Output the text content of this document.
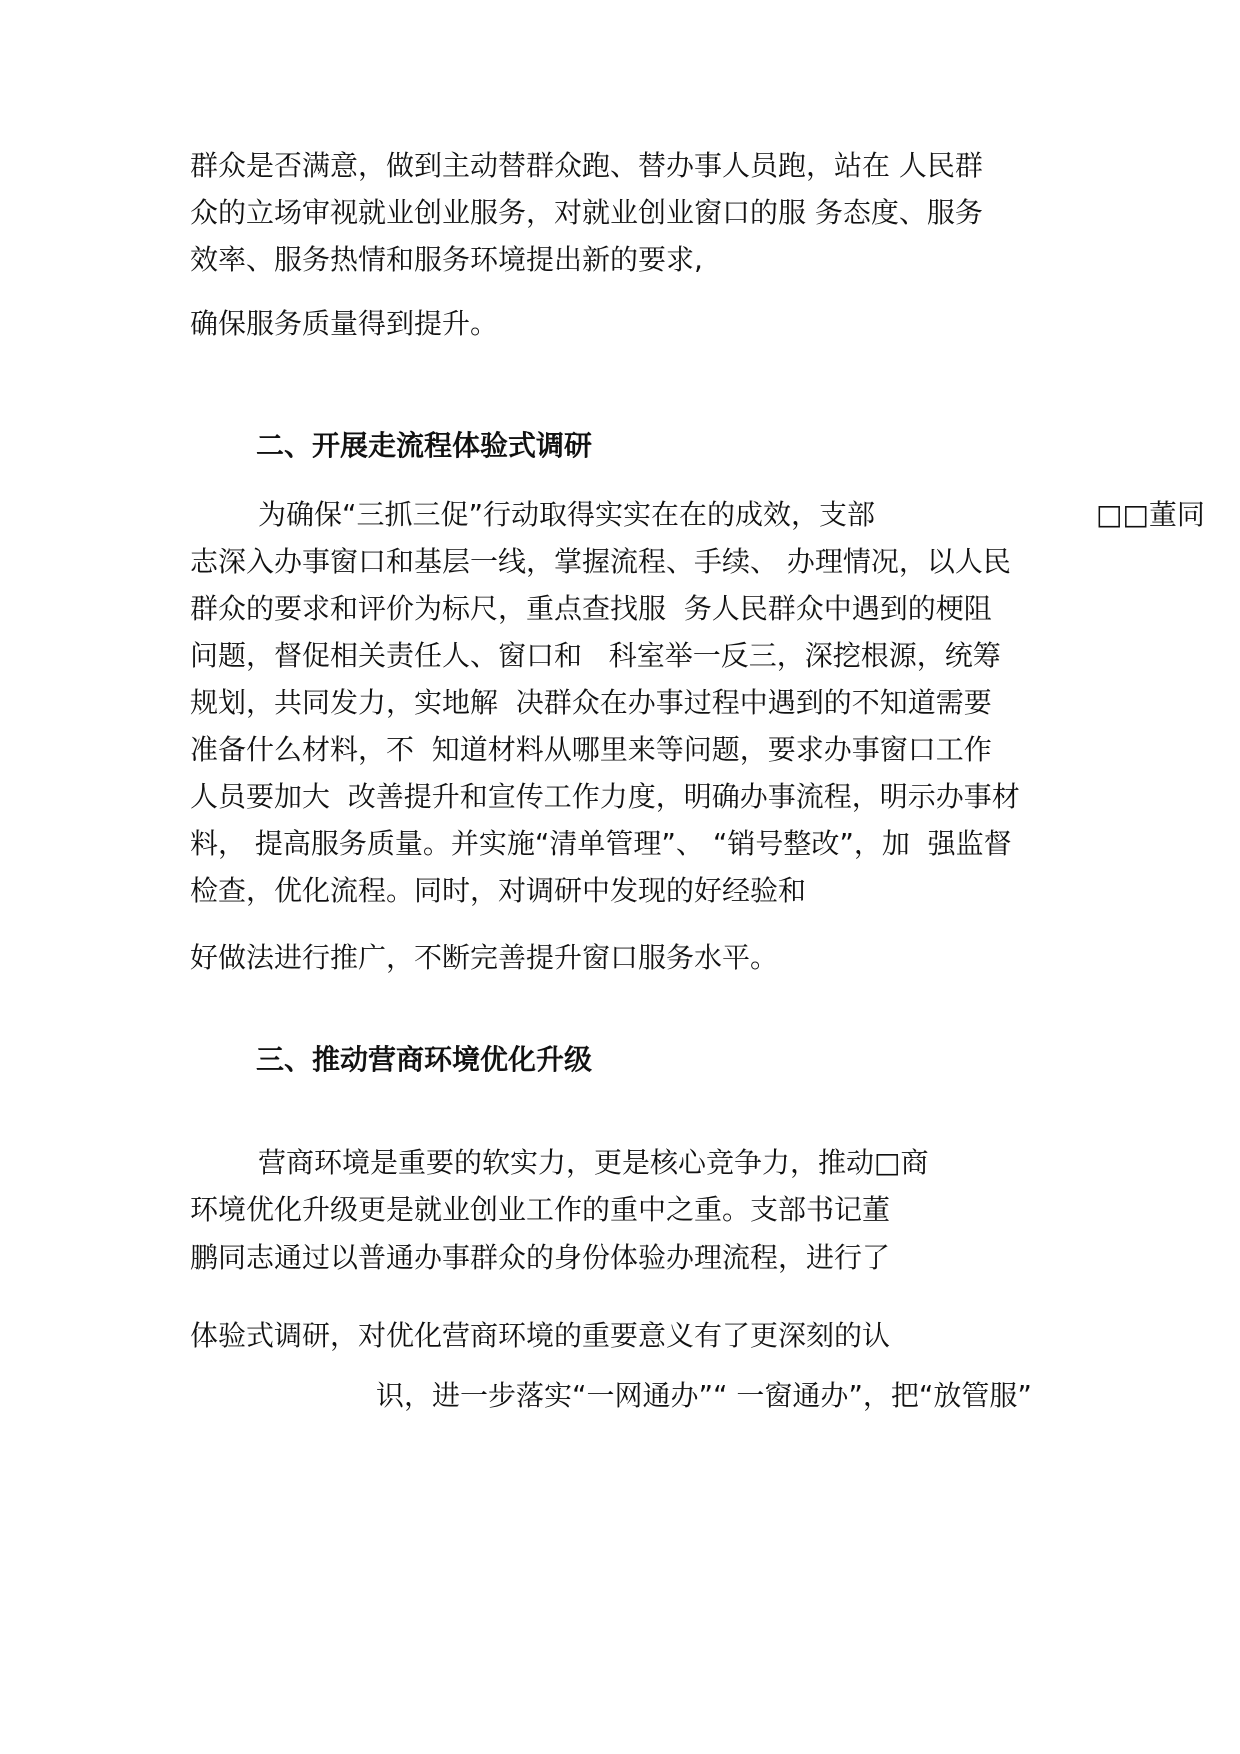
群众是否满意，做到主动替群众跑、替办事人员跑，站在 人民群
众的立场审视就业创业服务，对就业创业窗口的服 务态度、服务
效率、服务热情和服务环境提出新的要求,
确保服务质量得到提升。
二、开展走流程体验式调研
□□董同
为确保“三抓三促”行动取得实实在在的成效，支部
志深入办事窗口和基层一线，掌握流程、手续、 办理情况，以人民
群众的要求和评价为标尺，重点查找服  务人民群众中遇到的梗阻
问题，督促相关责任人、窗口和   科室举一反三，深挖根源，统筹
规划，共同发力，实地解  决群众在办事过程中遇到的不知道需要
准备什么材料，不  知道材料从哪里来等问题，要求办事窗口工作
人员要加大  改善提升和宣传工作力度，明确办事流程，明示办事材
料， 提高服务质量。并实施“清单管理”、 “销号整改”，加  强监督
检查，优化流程。同时，对调研中发现的好经验和
好做法进行推广，不断完善提升窗口服务水平。
三、推动营商环境优化升级
营商环境是重要的软实力，更是核心竞争力，推动□商
环境优化升级更是就业创业工作的重中之重。支部书记董
鹏同志通过以普通办事群众的身份体验办理流程，进行了
体验式调研，对优化营商环境的重要意义有了更深刻的认
识，进一步落实“一网通办”“ 一窗通办”，把“放管服”
